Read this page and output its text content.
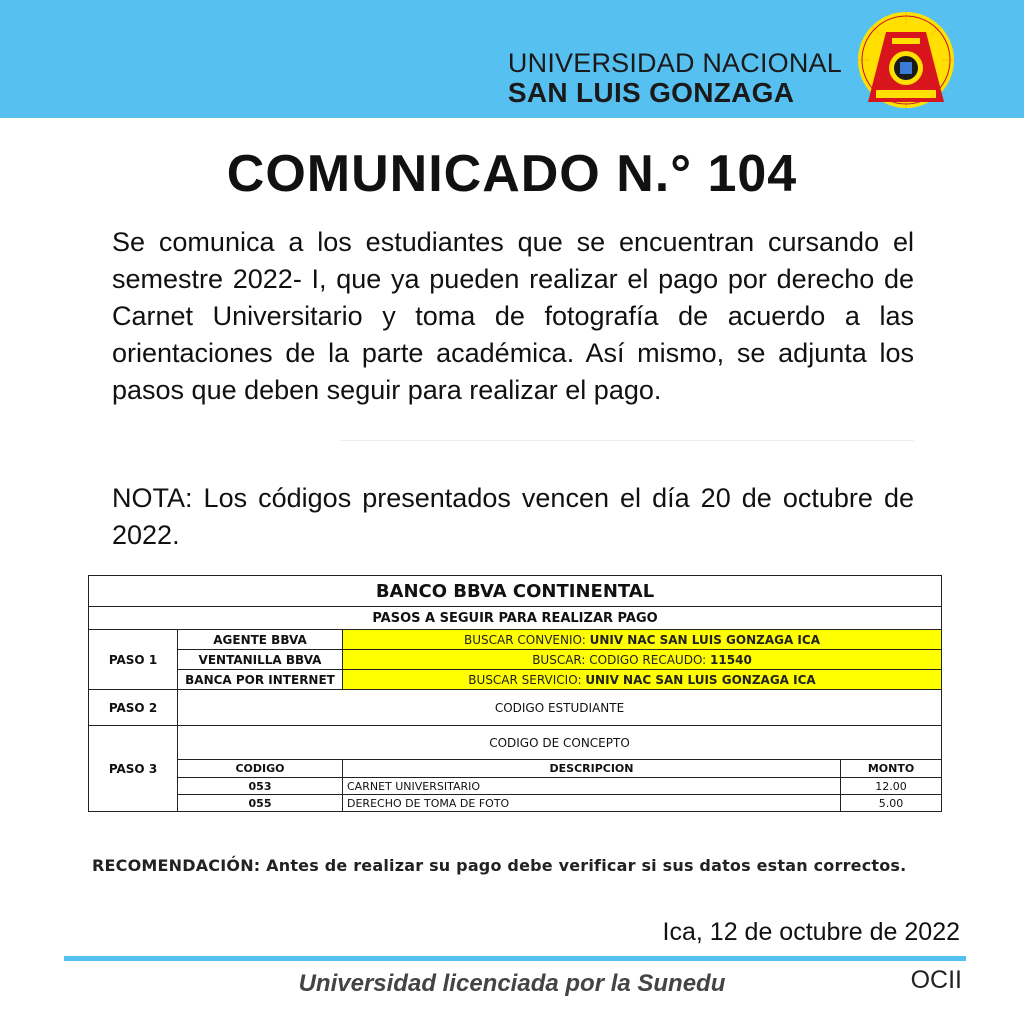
UNIVERSIDAD NACIONAL
SAN LUIS GONZAGA
COMUNICADO N.° 104
Se comunica a los estudiantes que se encuentran cursando el semestre 2022- I, que ya pueden realizar el pago por derecho de Carnet Universitario y toma de fotografía de acuerdo a las orientaciones de la parte académica. Así mismo, se adjunta los pasos que deben seguir para realizar el pago.
NOTA: Los códigos presentados vencen el día 20 de octubre de 2022.
BANCO BBVA CONTINENTAL			
PASOS A SEGUIR PARA REALIZAR PAGO			
PASO 1	AGENTE BBVA	BUSCAR CONVENIO: UNIV NAC SAN LUIS GONZAGA ICA	
	VENTANILLA BBVA	BUSCAR: CODIGO RECAUDO: 11540	
	BANCA POR INTERNET	BUSCAR SERVICIO: UNIV NAC SAN LUIS GONZAGA ICA	
PASO 2	CODIGO ESTUDIANTE		
PASO 3	CODIGO DE CONCEPTO		
	CODIGO	DESCRIPCION	MONTO
	053	CARNET UNIVERSITARIO	12.00
	055	DERECHO DE TOMA DE FOTO	5.00
RECOMENDACIÓN: Antes de realizar su pago debe verificar si sus datos estan correctos.
Ica, 12 de octubre de 2022
Universidad licenciada por la Sunedu	OCII
